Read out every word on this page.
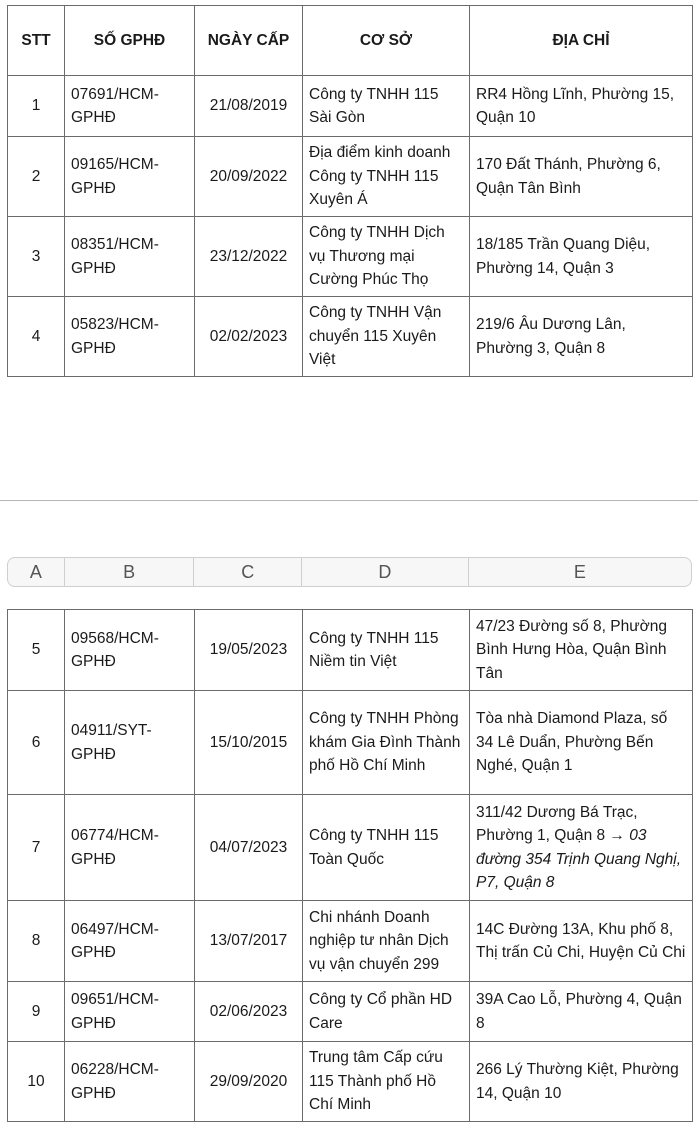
STT	SỐ GPHĐ	NGÀY CẤP	CƠ SỞ	ĐỊA CHỈ
1	07691/HCM-GPHĐ	21/08/2019	Công ty TNHH 115 Sài Gòn	RR4 Hồng Lĩnh, Phường 15, Quận 10
2	09165/HCM-GPHĐ	20/09/2022	Địa điểm kinh doanh Công ty TNHH 115 Xuyên Á	170 Đất Thánh, Phường 6, Quận Tân Bình
3	08351/HCM-GPHĐ	23/12/2022	Công ty TNHH Dịch vụ Thương mại Cường Phúc Thọ	18/185 Trần Quang Diệu, Phường 14, Quận 3
4	05823/HCM-GPHĐ	02/02/2023	Công ty TNHH Vận chuyển 115 Xuyên Việt	219/6 Âu Dương Lân, Phường 3, Quận 8
A	B	C	D	E
5	09568/HCM-GPHĐ	19/05/2023	Công ty TNHH 115 Niềm tin Việt	47/23 Đường số 8, Phường Bình Hưng Hòa, Quận Bình Tân
6	04911/SYT-GPHĐ	15/10/2015	Công ty TNHH Phòng khám Gia Đình Thành phố Hồ Chí Minh	Tòa nhà Diamond Plaza, số 34 Lê Duẩn, Phường Bến Nghé, Quận 1
7	06774/HCM-GPHĐ	04/07/2023	Công ty TNHH 115 Toàn Quốc	311/42 Dương Bá Trạc, Phường 1, Quận 8 → 03 đường 354 Trịnh Quang Nghị, P7, Quận 8
8	06497/HCM-GPHĐ	13/07/2017	Chi nhánh Doanh nghiệp tư nhân Dịch vụ vận chuyển 299	14C Đường 13A, Khu phố 8, Thị trấn Củ Chi, Huyện Củ Chi
9	09651/HCM-GPHĐ	02/06/2023	Công ty Cổ phần HD Care	39A Cao Lỗ, Phường 4, Quận 8
10	06228/HCM-GPHĐ	29/09/2020	Trung tâm Cấp cứu 115 Thành phố Hồ Chí Minh	266 Lý Thường Kiệt, Phường 14, Quận 10
